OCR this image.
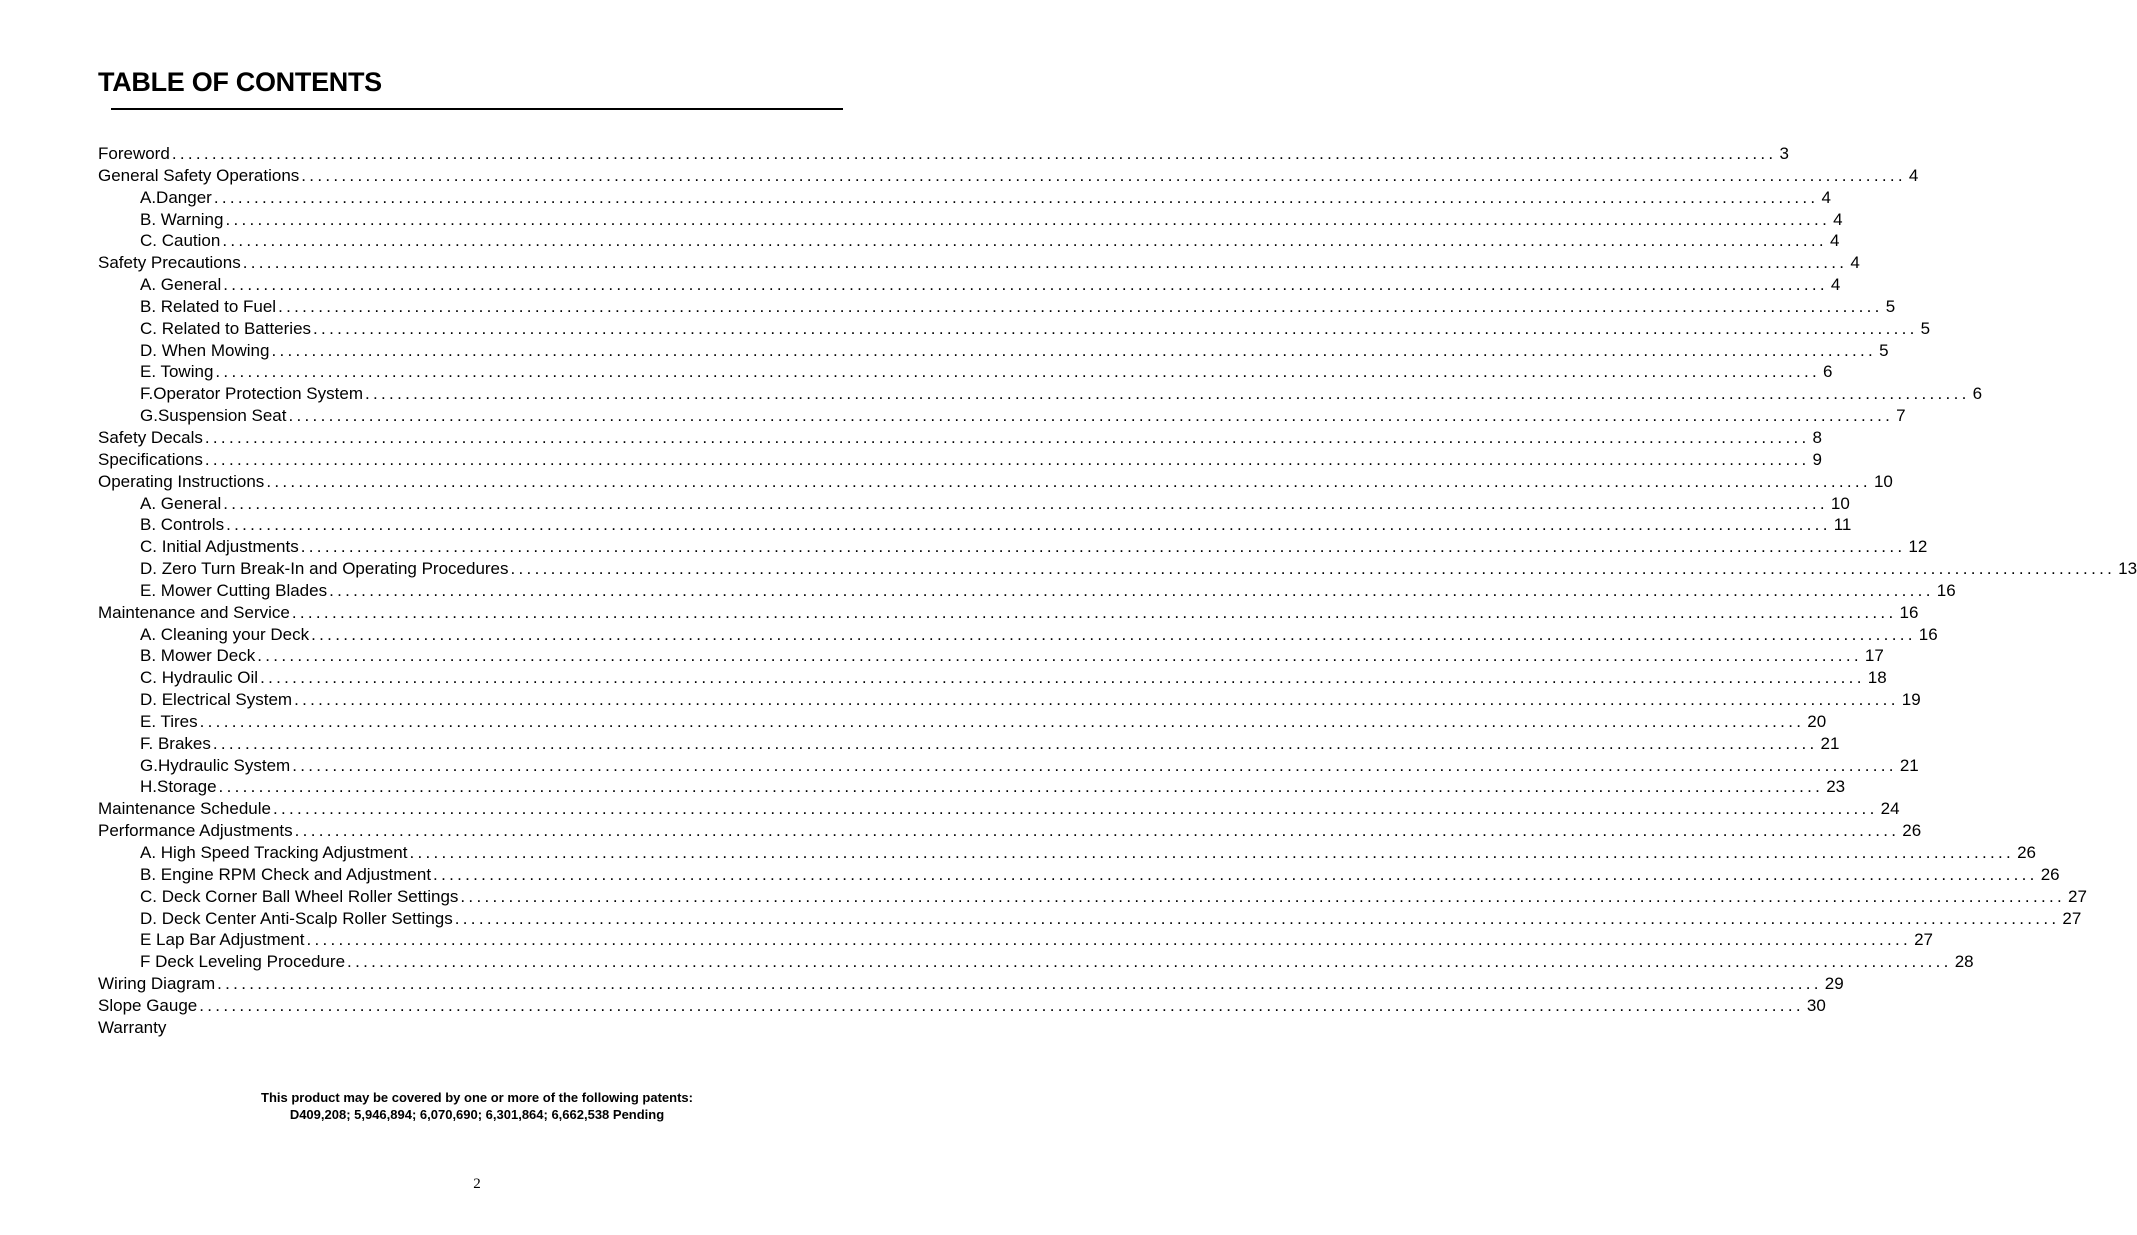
TABLE OF CONTENTS
Foreword ........................................................................................................................................................................................................ 3
General Safety Operations ........................................................................................................................................................................................................ 4
A.Danger ........................................................................................................................................................................................................ 4
B. Warning ........................................................................................................................................................................................................ 4
C. Caution ........................................................................................................................................................................................................ 4
Safety Precautions ........................................................................................................................................................................................................ 4
A. General ........................................................................................................................................................................................................ 4
B. Related to Fuel ........................................................................................................................................................................................................ 5
C. Related to Batteries ........................................................................................................................................................................................................ 5
D. When Mowing ........................................................................................................................................................................................................ 5
E. Towing ........................................................................................................................................................................................................ 6
F.Operator Protection System ........................................................................................................................................................................................................ 6
G.Suspension Seat ........................................................................................................................................................................................................ 7
Safety Decals ........................................................................................................................................................................................................ 8
Specifications ........................................................................................................................................................................................................ 9
Operating Instructions ........................................................................................................................................................................................................ 10
A. General ........................................................................................................................................................................................................ 10
B. Controls ........................................................................................................................................................................................................ 11
C. Initial Adjustments ........................................................................................................................................................................................................ 12
D. Zero Turn Break-In and Operating Procedures ........................................................................................................................................................................................................ 13
E. Mower Cutting Blades ........................................................................................................................................................................................................ 16
Maintenance and Service ........................................................................................................................................................................................................ 16
A. Cleaning your Deck ........................................................................................................................................................................................................ 16
B. Mower Deck ........................................................................................................................................................................................................ 17
C. Hydraulic Oil ........................................................................................................................................................................................................ 18
D. Electrical System ........................................................................................................................................................................................................ 19
E. Tires ........................................................................................................................................................................................................ 20
F. Brakes ........................................................................................................................................................................................................ 21
G.Hydraulic System ........................................................................................................................................................................................................ 21
H.Storage ........................................................................................................................................................................................................ 23
Maintenance Schedule ........................................................................................................................................................................................................ 24
Performance Adjustments ........................................................................................................................................................................................................ 26
A. High Speed Tracking Adjustment ........................................................................................................................................................................................................ 26
B. Engine RPM Check and Adjustment ........................................................................................................................................................................................................ 26
C. Deck Corner Ball Wheel Roller Settings ........................................................................................................................................................................................................ 27
D. Deck Center Anti-Scalp Roller Settings ........................................................................................................................................................................................................ 27
E Lap Bar Adjustment ........................................................................................................................................................................................................ 27
F Deck Leveling Procedure ........................................................................................................................................................................................................ 28
Wiring Diagram ........................................................................................................................................................................................................ 29
Slope Gauge ........................................................................................................................................................................................................ 30
Warranty
This product may be covered by one or more of the following patents:
D409,208; 5,946,894; 6,070,690; 6,301,864; 6,662,538 Pending
2
